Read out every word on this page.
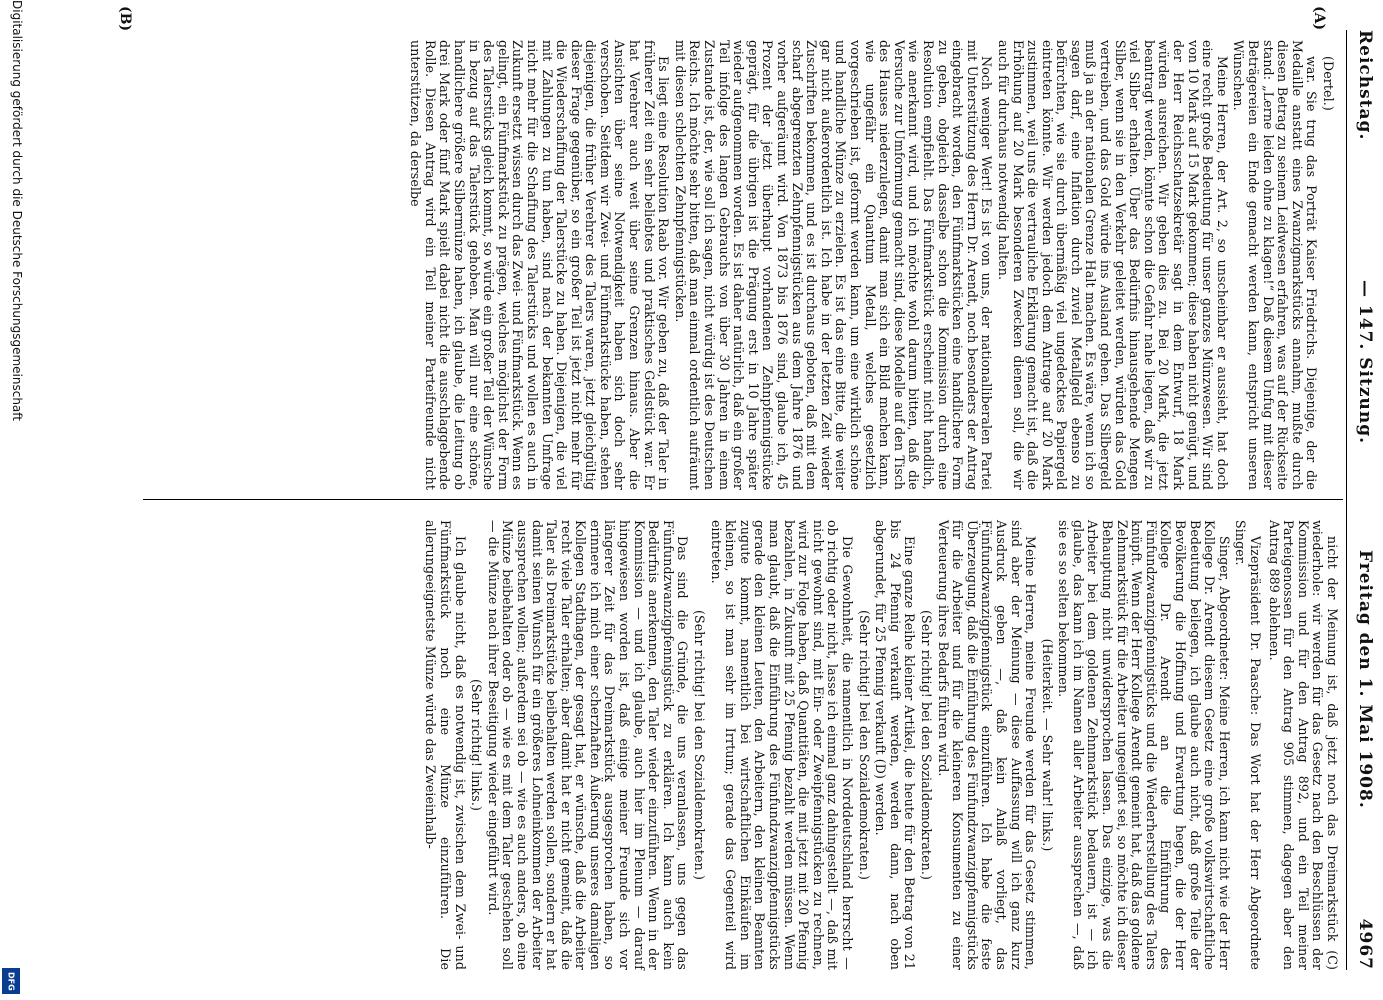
Reichstag.
— 147. Sitzung.
Freitag den 1. Mai 1908.
4967
(A)
(B)

(Dertel.)

war. Sie trug das Porträt Kaiser Friedrichs. Diejenige, der die Medaille anstatt eines Zwanzigmarkstücks annahm, mußte durch diesen Betrag zu seinem Leidwesen erfahren, was auf der Rückseite stand: „Lerne leiden ohne zu klagen!“ Daß diesem Unfug mit dieser Beträgereien ein Ende gemacht werden kann, entspricht unseren Wünschen.

Meine Herren, der Art. 2, so unscheinbar er aussieht, hat doch eine recht große Bedeutung für unser ganzes Münzwesen. Wir sind von 10 Mark auf 15 Mark gekommen; diese haben nicht genügt, und der Herr Reichsschatzsekretär sagt in dem Entwurf, 18 Mark würden ausreichen. Wir geben dies zu. Bei 20 Mark, die jetzt beantragt werden, könnte schon die Gefahr nahe liegen, daß wir zu viel Silber erhalten. Über das Bedürfnis hinausgehende Mengen Silber, wenn sie in den Verkehr geleitet werden, würden das Gold vertreiben, und das Gold würde ins Ausland gehen. Das Silbergeld muß ja an der nationalen Grenze Halt machen. Es wäre, wenn ich so sagen darf, eine Inflation durch zuviel Metallgeld ebenso zu befürchten, wie sie durch übermäßig viel ungedecktes Papiergeld eintreten könnte. Wir werden jedoch dem Antrage auf 20 Mark zustimmen, weil uns die vertrauliche Erklärung gemacht ist, daß die Erhöhung auf 20 Mark besonderen Zwecken dienen soll, die wir auch für durchaus notwendig halten.

Noch weniger Wert! Es ist von uns, der nationalliberalen Partei mit Unterstützung des Herrn Dr. Arendt, noch besonders der Antrag eingebracht worden, den Fünfmarkstücken eine handlichere Form zu geben, obgleich dasselbe schon die Kommission durch eine Resolution empfiehlt. Das Fünfmarkstück erscheint nicht handlich, wie anerkannt wird, und ich möchte wohl darum bitten, daß die Versuche zur Umformung gemacht sind, diese Modelle auf den Tisch des Hauses niederzulegen, damit man sich ein Bild machen kann, wie ungefähr ein Quantum Metall, welches gesetzlich vorgeschrieben ist, geformt werden kann, um eine wirklich schöne und handliche Münze zu erzielen. Es ist das eine Bitte, die weiter gar nicht außerordentlich ist. Ich habe in der letzten Zeit wieder Zuschriften bekommen, und es ist durchaus geboten, daß mit dem scharf abgegrenzten Zehnpfennigstücken aus dem Jahre 1876 und vorher aufgeräumt wird. Von 1873 bis 1876 sind, glaube ich, 45 Prozent der jetzt überhaupt vorhandenen Zehnpfennigstücke geprägt, für die übrigen ist die Prägung erst in 10 Jahre später wieder aufgenommen worden. Es ist daher natürlich, daß ein großer Teil infolge des langen Gebrauchs von über 30 Jahren in einem Zustande ist, der, wie soll ich sagen, nicht würdig ist des Deutschen Reichs. Ich möchte sehr bitten, daß man einmal ordentlich aufräumt mit diesen schlechten Zehnpfennigstücken.

Es liegt eine Resolution Raab vor. Wir geben zu, daß der Taler in früherer Zeit ein sehr beliebtes und praktisches Geldstück war. Er hat Verehrer auch weit über seine Grenzen hinaus. Aber die Ansichten über seine Notwendigkeit haben sich doch sehr verschoben. Seitdem wir Zwei- und Fünfmarkstücke haben, stehen diejenigen, die früher Verehrer des Talers waren, jetzt gleichgültig dieser Frage gegenüber, so ein großer Teil ist jetzt nicht mehr für die Wiederschaffung der Talerstücke zu haben. Diejenigen, die viel mit Zahlungen zu tun haben, sind nach der bekannten Umfrage nicht mehr für die Schaffung des Talerstücks und wollen es auch in Zukunft ersetzt wissen durch das Zwei- und Fünfmarkstück. Wenn es gelingt, ein Fünfmarkstück zu prägen, welches möglichst der Form des Talerstücks gleich kommt, so würde ein großer Teil der Wünsche in bezug auf das Talerstück gehoben. Man will nur eine schöne, handlichere größere Silbermünze haben, ich glaube, die Leitung ob drei Mark oder fünf Mark spielt dabei nicht die ausschlaggebende Rolle. Diesen Antrag wird ein Teil meiner Parteifreunde nicht unterstützen, da derselbe

nicht der Meinung ist, daß jetzt noch das Dreimarkstück (C) wiederhole: wir werden für das Gesetz nach den Beschlüssen der Kommission und für den Antrag 892, und ein Teil meiner Parteigenossen für den Antrag 905 stimmen, dagegen aber den Antrag 889 ablehnen.

Vizepräsident Dr. Paasche: Das Wort hat der Herr Abgeordnete Singer.

Singer, Abgeordneter: Meine Herren, ich kann nicht wie der Herr Kollege Dr. Arendt diesem Gesetz eine große volkswirtschaftliche Bedeutung beilegen, ich glaube auch nicht, daß große Teile der Bevölkerung die Hoffnung und Erwartung hegen, die der Herr Kollege Dr. Arendt an die Einführung des Fünfundzwanzigpfennigstücks und die Wiederherstellung des Talers knüpft. Wenn der Herr Kollege Arendt gemeint hat, daß das goldene Zehnmarkstück für die Arbeiter ungeeignet sei, so möchte ich dieser Behauptung nicht unwidersprochen lassen. Das einzige, was die Arbeiter bei dem goldenen Zehnmarkstück bedauern, ist — ich glaube, das kann ich im Namen aller Arbeiter aussprechen —, daß sie es so selten bekommen.

(Heiterkeit. — Sehr wahr! links.)

Meine Herren, meine Freunde werden für das Gesetz stimmen, sind aber der Meinung — diese Auffassung will ich ganz kurz Ausdruck geben —, daß kein Anlaß vorliegt, das Fünfundzwanzigpfennigstück einzuführen. Ich habe die feste Überzeugung, daß die Einführung des Fünfundzwanzigpfennigstücks für die Arbeiter und für die kleineren Konsumenten zu einer Verteuerung ihres Bedarfs führen wird.

(Sehr richtig! bei den Sozialdemokraten.)

Eine ganze Reihe kleiner Artikel, die heute für den Betrag von 21 bis 24 Pfennig verkauft werden, werden dann, nach oben abgerundet, für 25 Pfennig verkauft (D) werden.

(Sehr richtig! bei den Sozialdemokraten.)

Die Gewohnheit, die namentlich in Norddeutschland herrscht — ob richtig oder nicht, lasse ich einmal ganz dahingestellt —, daß mit nicht gewohnt sind, mit Ein- oder Zweipfennigstücken zu rechnen, wird zur Folge haben, daß Quantitäten, die mit jetzt mit 20 Pfennig bezahlen, in Zukunft mit 25 Pfennig bezahlt werden müssen. Wenn man glaubt, daß die Einführung des Fünfundzwanzigpfennigstücks gerade den kleinen Leuten, den Arbeitern, den kleinen Beamten zugute kommt, namentlich bei wirtschaftlichen Einkäufen im kleinen, so ist man sehr im Irrtum; gerade das Gegenteil wird eintreten.

(Sehr richtig! bei den Sozialdemokraten.)

Das sind die Gründe, die uns veranlassen, uns gegen das Fünfundzwanzigpfennigstück zu erklären. Ich kann auch kein Bedürfnis anerkennen, den Taler wieder einzuführen. Wenn in der Kommission — und ich glaube, auch hier im Plenum — darauf hingewiesen worden ist, daß einige meiner Freunde sich vor längerer Zeit für das Dreimarkstück ausgesprochen haben, so erinnere ich mich einer scherzhaften Äußerung unseres damaligen Kollegen Stadthagen, der gesagt hat, er wünsche, daß die Arbeiter recht viele Taler erhalten; aber damit hat er nicht gemeint, daß die Taler als Dreimarkstücke beibehalten werden sollen, sondern er hat damit seinen Wunsch für ein größeres Lohneinkommen der Arbeiter aussprechen wollen; außerdem sei ob — wie es auch anders, ob eine Münze beibehalten oder ob — wie es mit dem Taler geschehen soll — die Münze nach ihrer Beseitigung wieder eingeführt wird.

(Sehr richtig! links.)

Ich glaube nicht, daß es notwendig ist, zwischen dem Zwei- und Fünfmarkstück noch eine Münze einzuführen. Die allerungeeignetste Münze würde das Zweieinhalb-

Digitalisierung gefördert durch die Deutsche Forschungsgemeinschaft
DFG
